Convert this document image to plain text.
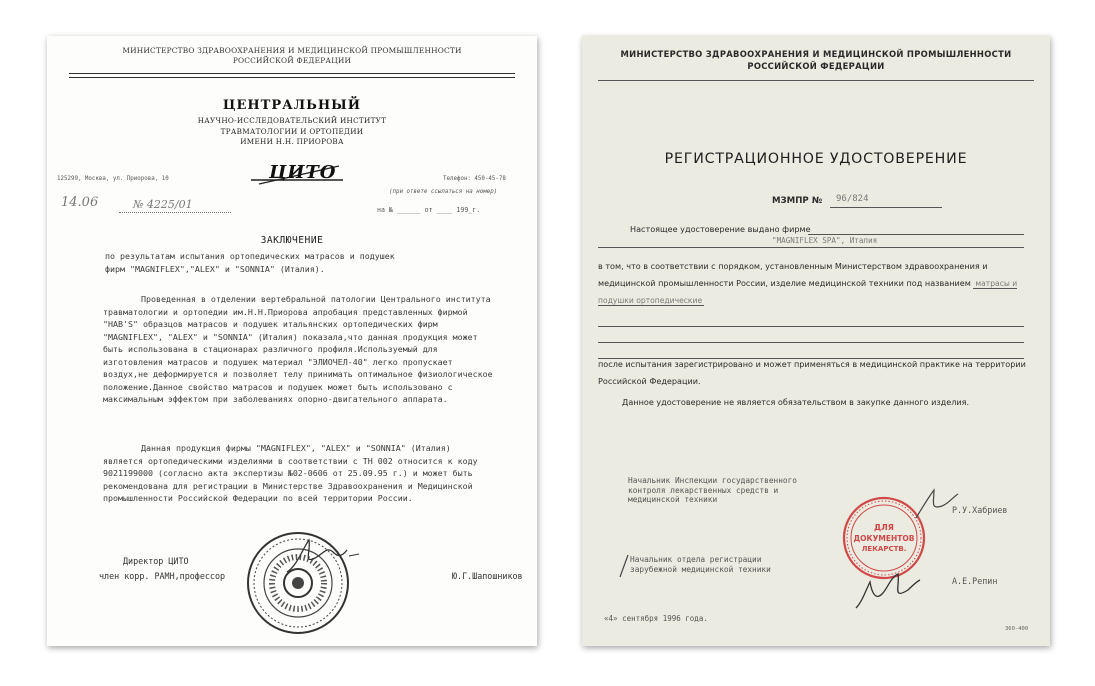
МИНИСТЕРСТВО ЗДРАВООХРАНЕНИЯ И МЕДИЦИНСКОЙ ПРОМЫШЛЕННОСТИ
РОССИЙСКОЙ ФЕДЕРАЦИИ
ЦЕНТРАЛЬНЫЙ
НАУЧНО-ИССЛЕДОВАТЕЛЬСКИЙ ИНСТИТУТ
ТРАВМАТОЛОГИИ И ОРТОПЕДИИ
ИМЕНИ Н.Н. ПРИОРОВА
125299, Москва, ул. Приорова, 10	ЦИТО	Телефон: 450-45-78
(при ответе ссылаться на номер)
14.06	№ 4225/01	на № ______ от ____ 199_г.
ЗАКЛЮЧЕНИЕ
по результатам испытания ортопедических матрасов и подушек
фирм "MAGNIFLEX","ALEX" и "SONNIA" (Италия).
Проведенная в отделении вертебральной патологии Центрального института травматологии и ортопедии им.Н.Н.Приорова апробация представленных фирмой "HAB'S" образцов матрасов и подушек итальянских ортопедических фирм "MAGNIFLEX", "ALEX" и "SONNIA" (Италия) показала,что данная продукция может быть использована в стационарах различного профиля.Используемый для изготовления матрасов и подушек материал "ЭЛИОЧЕЛ-40" легко пропускает воздух,не деформируется и позволяет телу принимать оптимальное физиологическое положение.Данное свойство матрасов и подушек может быть использовано с максимальным эффектом при заболеваниях опорно-двигательного аппарата.
Данная продукция фирмы "MAGNIFLEX", "ALEX" и "SONNIA" (Италия) является ортопедическими изделиями в соответствии с ТН 002 относится к коду 9021199000 (согласно акта экспертизы №02-0606 от 25.09.95 г.) и может быть рекомендована для регистрации в Министерстве Здравоохранения и Медицинской промышленности Российской Федерации по всей территории России.
Директор ЦИТО
член корр. РАМН,профессор	Ю.Г.Шапошников
МИНИСТЕРСТВО ЗДРАВООХРАНЕНИЯ И МЕДИЦИНСКОЙ ПРОМЫШЛЕННОСТИ
РОССИЙСКОЙ ФЕДЕРАЦИИ
РЕГИСТРАЦИОННОЕ УДОСТОВЕРЕНИЕ
МЗМПР № 96/824
Настоящее удостоверение выдано фирме
"MAGNIFLEX SPA", Италия
в том, что в соответствии с порядком, установленным Министерством здравоохранения и медицинской промышленности России, изделие медицинской техники под названием матрасы и подушки ортопедические
после испытания зарегистрировано и может применяться в медицинской практике на территории Российской Федерации.
Данное удостоверение не является обязательством в закупке данного изделия.
Начальник Инспекции государственного
контроля лекарственных средств и
медицинской техники
Р.У.Хабриев
ДЛЯ
ДОКУМЕНТОВ
ЛЕКАРСТВ.
Начальник отдела регистрации
зарубежной медицинской техники
А.Е.Репин
«4» сентября 1996 года.
360-400
